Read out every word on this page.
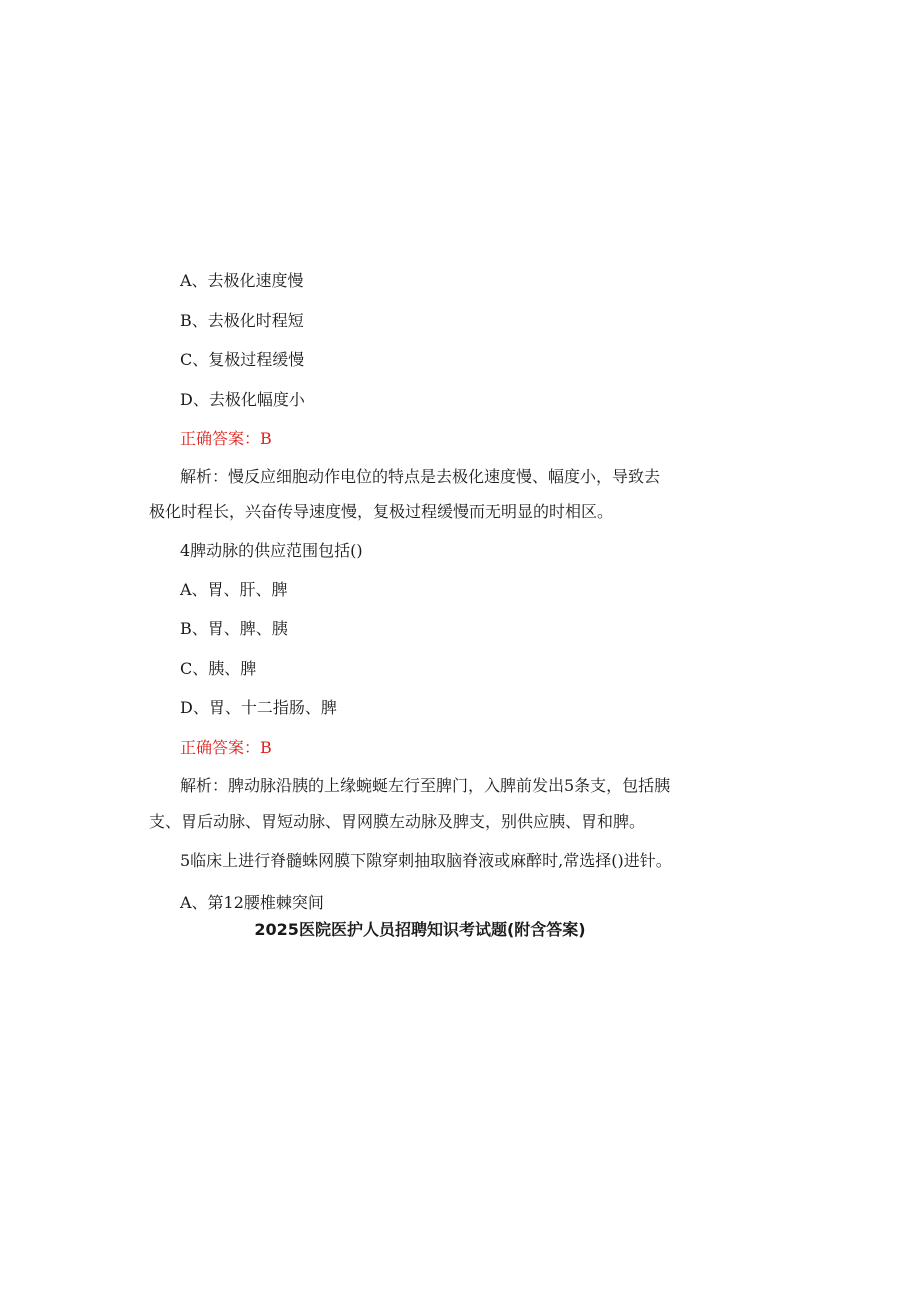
A、去极化速度慢
B、去极化时程短
C、复极过程缓慢
D、去极化幅度小
正确答案：B
解析：慢反应细胞动作电位的特点是去极化速度慢、幅度小，导致去
极化时程长，兴奋传导速度慢，复极过程缓慢而无明显的时相区。
4脾动脉的供应范围包括()
A、胃、肝、脾
B、胃、脾、胰
C、胰、脾
D、胃、十二指肠、脾
正确答案：B
解析：脾动脉沿胰的上缘蜿蜒左行至脾门，入脾前发出5条支，包括胰
支、胃后动脉、胃短动脉、胃网膜左动脉及脾支，别供应胰、胃和脾。
5临床上进行脊髓蛛网膜下隙穿刺抽取脑脊液或麻醉时,常选择()进针。
A、第12腰椎棘突间
2025医院医护人员招聘知识考试题(附含答案)
